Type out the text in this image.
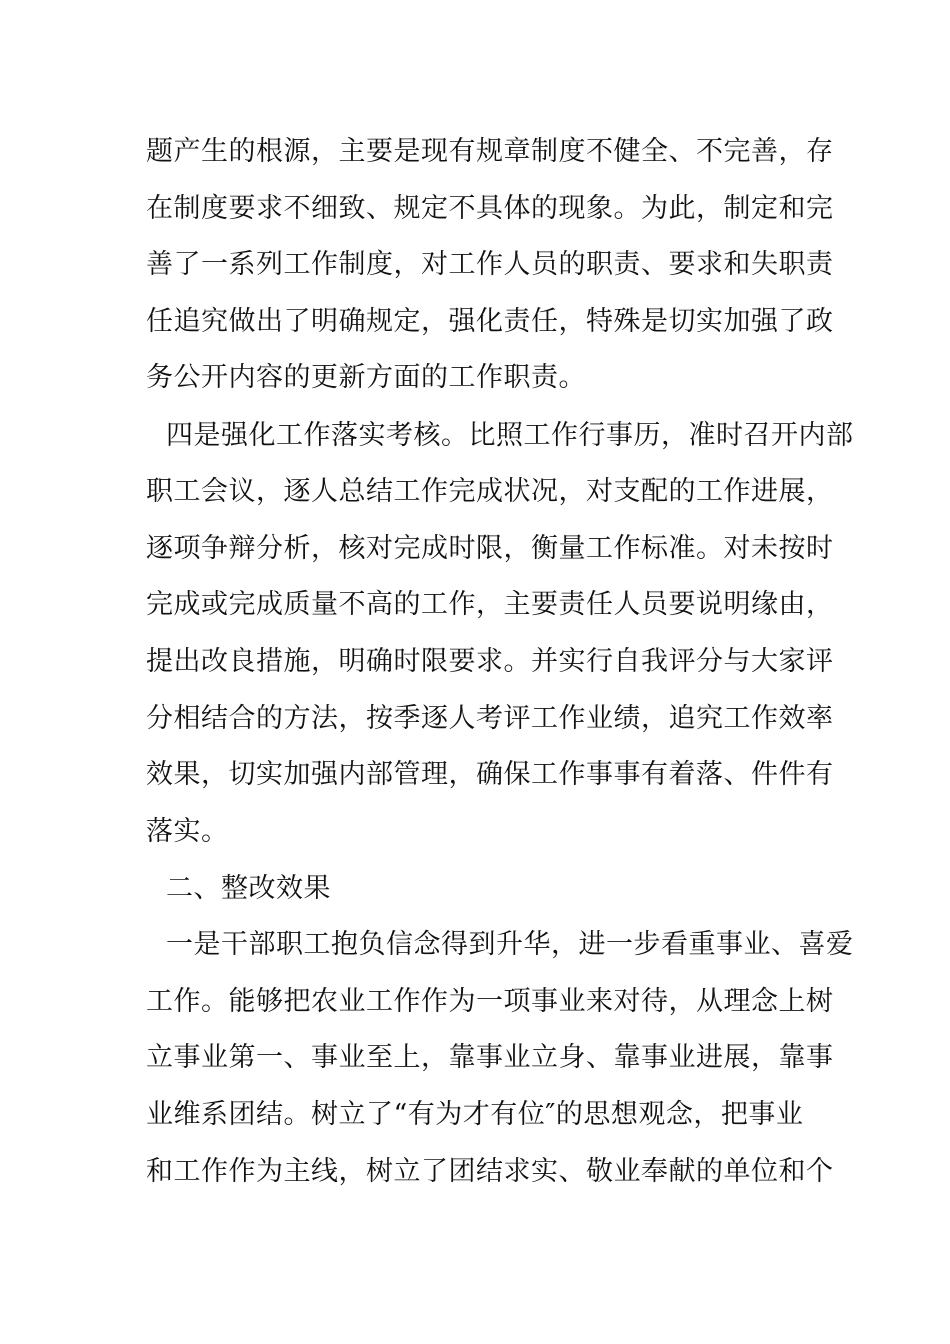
题产生的根源，主要是现有规章制度不健全、不完善，存
在制度要求不细致、规定不具体的现象。为此，制定和完
善了一系列工作制度，对工作人员的职责、要求和失职责
任追究做出了明确规定，强化责任，特殊是切实加强了政
务公开内容的更新方面的工作职责。
四是强化工作落实考核。比照工作行事历，准时召开内部
职工会议，逐人总结工作完成状况，对支配的工作进展，
逐项争辩分析，核对完成时限，衡量工作标准。对未按时
完成或完成质量不高的工作，主要责任人员要说明缘由，
提出改良措施，明确时限要求。并实行自我评分与大家评
分相结合的方法，按季逐人考评工作业绩，追究工作效率
效果，切实加强内部管理，确保工作事事有着落、件件有
落实。
二、整改效果
一是干部职工抱负信念得到升华，进一步看重事业、喜爱
工作。能够把农业工作作为一项事业来对待，从理念上树
立事业第一、事业至上，靠事业立身、靠事业进展，靠事
业维系团结。树立了“有为才有位″的思想观念，把事业
和工作作为主线，树立了团结求实、敬业奉献的单位和个
